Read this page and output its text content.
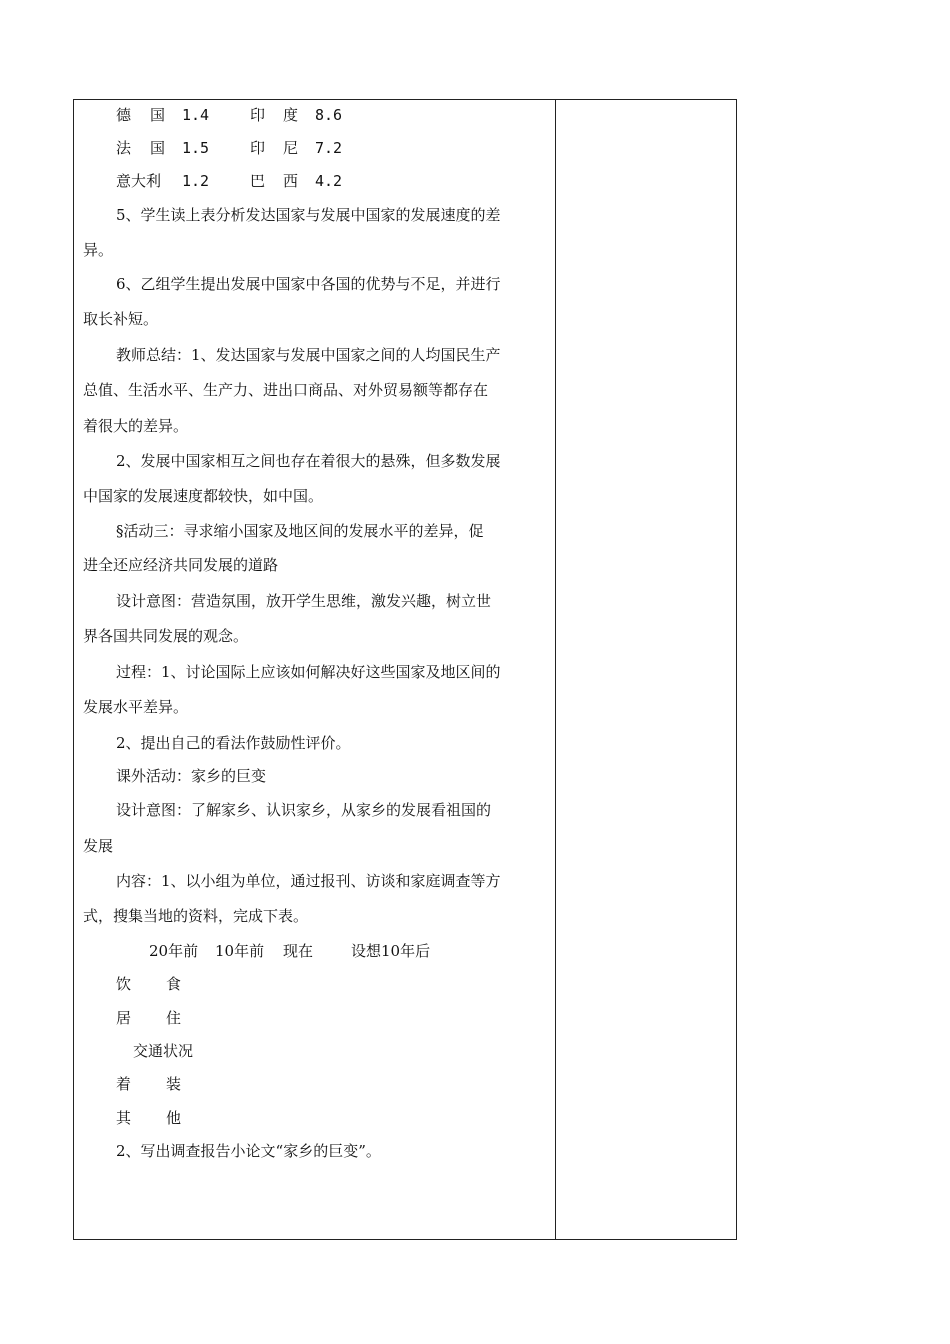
德 国 1.4	印 度 8.6
法 国 1.5	印 尼 7.2
意大利 1.2	巴 西 4.2
5、学生读上表分析发达国家与发展中国家的发展速度的差
异。
6、乙组学生提出发展中国家中各国的优势与不足，并进行
取长补短。
教师总结：1、发达国家与发展中国家之间的人均国民生产
总值、生活水平、生产力、进出口商品、对外贸易额等都存在
着很大的差异。
2、发展中国家相互之间也存在着很大的悬殊，但多数发展
中国家的发展速度都较快，如中国。
§活动三：寻求缩小国家及地区间的发展水平的差异，促
进全还应经济共同发展的道路
设计意图：营造氛围，放开学生思维，激发兴趣，树立世
界各国共同发展的观念。
过程：1、讨论国际上应该如何解决好这些国家及地区间的
发展水平差异。
2、提出自己的看法作鼓励性评价。
课外活动：家乡的巨变
设计意图：了解家乡、认识家乡，从家乡的发展看祖国的
发展
内容：1、以小组为单位，通过报刊、访谈和家庭调查等方
式，搜集当地的资料，完成下表。
20年前 10年前 现在	设想10年后
饮 食
居 住
交通状况
着 装
其 他
2、写出调查报告小论文“家乡的巨变”。
